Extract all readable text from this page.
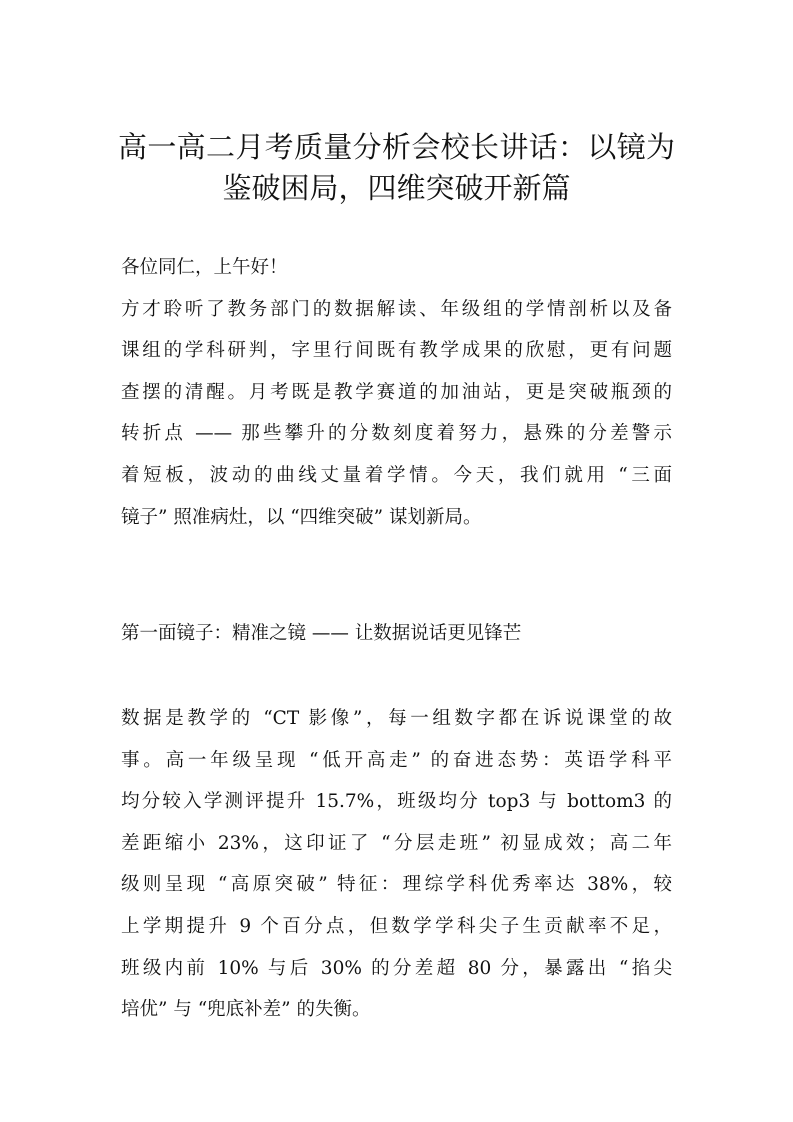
高一高二月考质量分析会校长讲话：以镜为
鉴破困局，四维突破开新篇
各位同仁，上午好！
方才聆听了教务部门的数据解读、年级组的学情剖析以及备
课组的学科研判，字里行间既有教学成果的欣慰，更有问题
查摆的清醒。月考既是教学赛道的加油站，更是突破瓶颈的
转折点 —— 那些攀升的分数刻度着努力，悬殊的分差警示
着短板，波动的曲线丈量着学情。今天，我们就用 “三面
镜子” 照准病灶，以 “四维突破” 谋划新局。
第一面镜子：精准之镜 —— 让数据说话更见锋芒
数据是教学的 “CT 影像”，每一组数字都在诉说课堂的故
事。高一年级呈现 “低开高走” 的奋进态势：英语学科平
均分较入学测评提升 15.7%，班级均分 top3 与 bottom3 的
差距缩小 23%，这印证了 “分层走班” 初显成效；高二年
级则呈现 “高原突破” 特征：理综学科优秀率达 38%，较
上学期提升 9 个百分点，但数学学科尖子生贡献率不足，
班级内前 10% 与后 30% 的分差超 80 分，暴露出 “掐尖
培优” 与 “兜底补差” 的失衡。
